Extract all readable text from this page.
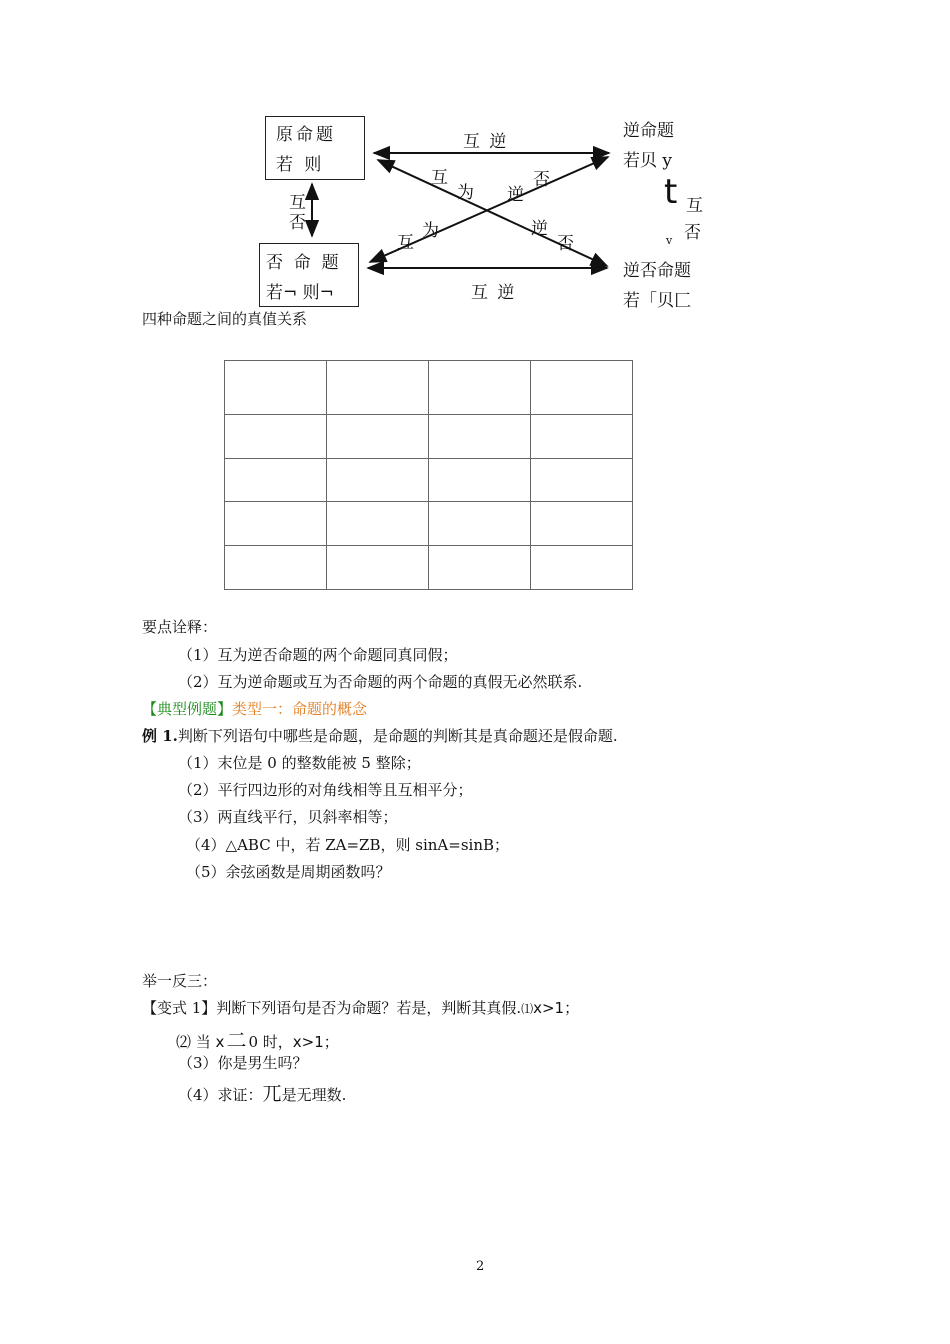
原命题
若 则
否  命  题
若¬ 则¬
逆命题
若贝 y
逆否命题
若「贝匚
互 逆
互 逆
互
否
t 互
否
v
互
为
逆
否
互
为
逆
否
四种命题之间的真值关系

要点诠释：
（1）互为逆否命题的两个命题同真同假；
（2）互为逆命题或互为否命题的两个命题的真假无必然联系.
【典型例题】类型一：命题的概念
例 1.判断下列语句中哪些是命题，是命题的判断其是真命题还是假命题.
（1）末位是 0 的整数能被 5 整除；
（2）平行四边形的对角线相等且互相平分；
（3）两直线平行，贝斜率相等；
（4）△ABC 中，若 ZA=ZB，则 sinA=sinB；
（5）余弦函数是周期函数吗？
举一反三：
【变式 1】判断下列语句是否为命题？若是，判断其真假.⑴x>1；
⑵ 当 x 二 0 时，x>1；
（3）你是男生吗？
（4）求证：兀是无理数.
2
